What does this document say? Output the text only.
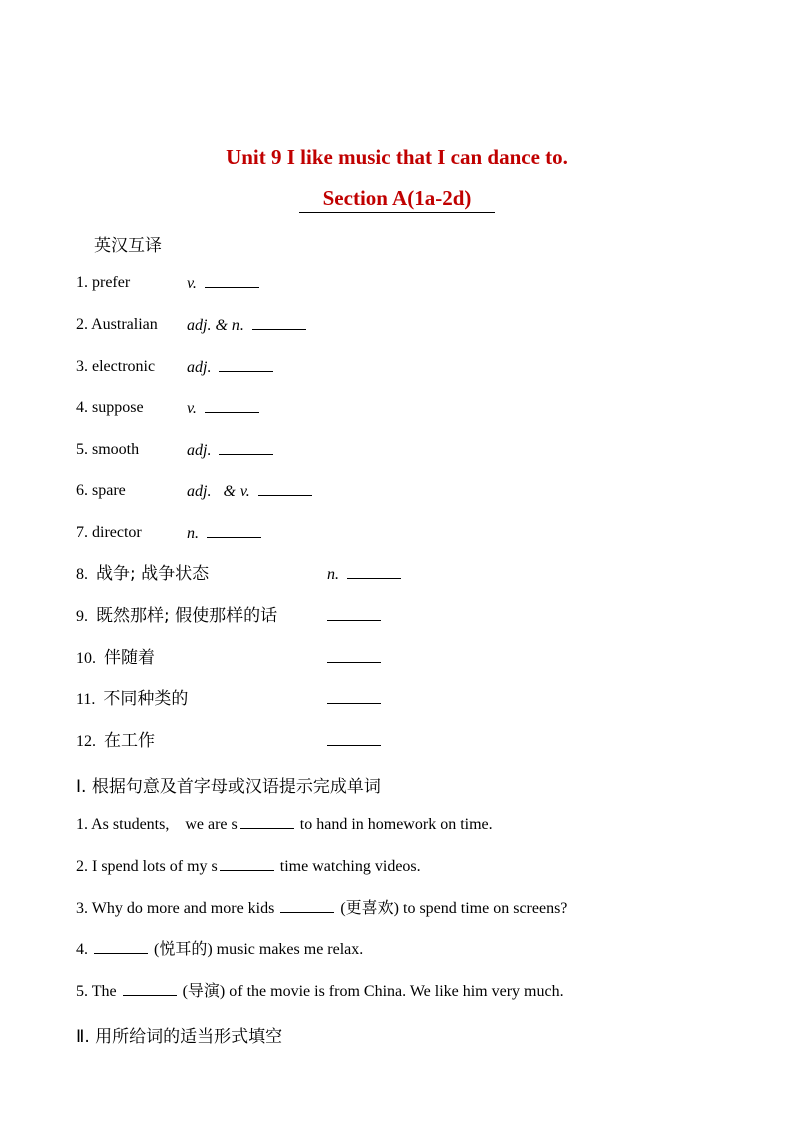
Unit 9 I like music that I can dance to.
Section A(1a-2d)
英汉互译
1. prefer	v.
2. Australian adj. & n.
3. electronic adj.
4. suppose	v.
5. smooth	adj.
6. spare	adj.   & v.
7. director	n.
8. 战争; 战争状态	n.
9. 既然那样; 假使那样的话
10. 伴随着
11. 不同种类的
12. 在工作
Ⅰ. 根据句意及首字母或汉语提示完成单词
1. As students,    we are s	to hand in homework on time.
2. I spend lots of my s	time watching videos.
3. Why do more and more kids	(更喜欢) to spend time on screens?
4.	(悦耳的) music makes me relax.
5. The	(导演) of the movie is from China. We like him very much.
Ⅱ. 用所给词的适当形式填空
